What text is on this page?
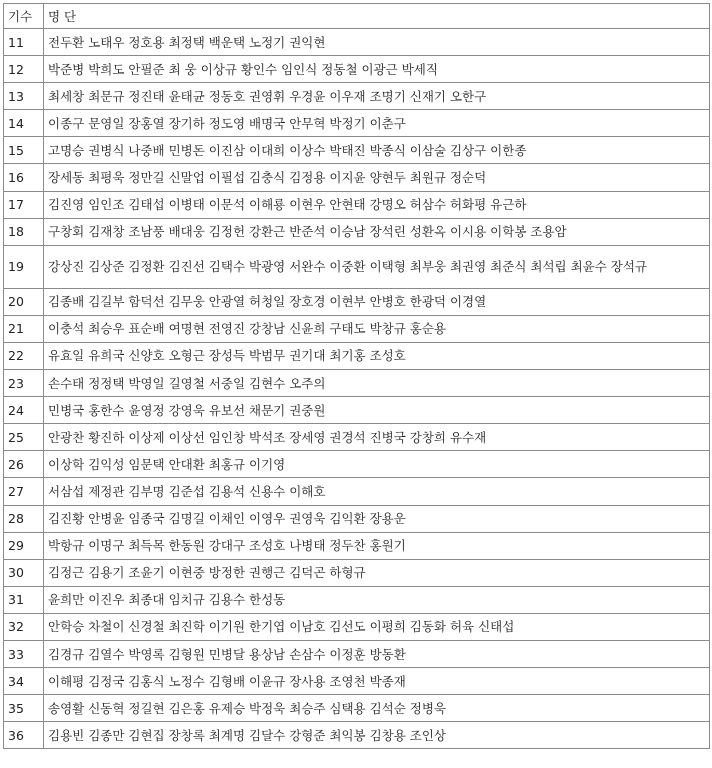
기수	명 단
11	전두환 노태우 정호용 최정택 백운택 노정기 권익현
12	박준병 박희도 안필준 최 웅 이상규 황인수 임인식 정동철 이광근 박세직
13	최세창 최문규 정진태 윤태균 정동호 권영휘 우경윤 이우재 조명기 신재기 오한구
14	이종구 문영일 장홍열 장기하 정도영 배명국 안무혁 박정기 이춘구
15	고명승 권병식 나중배 민병돈 이진삼 이대희 이상수 박태진 박종식 이삼술 김상구 이한종
16	장세동 최평욱 정만길 신말업 이필섭 김충식 김정용 이지윤 양현두 최원규 정순덕
17	김진영 임인조 김태섭 이병태 이문석 이해룡 이현우 안현태 강명오 허삼수 허화평 유근하
18	구창회 김재창 조남풍 배대웅 김정헌 강환근 반준석 이승남 장석린 성환옥 이시용 이학봉 조용암
19	강상진 김상준 김정환 김진선 김택수 박광영 서완수 이중환 이택형 최부웅 최권영 최준식 최석립 최윤수 장석규
20	김종배 김길부 함덕선 김무웅 안광열 허청일 장호경 이현부 안병호 한광덕 이경열
21	이충석 최승우 표순배 여명현 전영진 강창남 신윤희 구태도 박창규 홍순용
22	유효일 유희국 신양호 오형근 장성득 박범무 권기대 최기홍 조성호
23	손수태 정정택 박영일 길영철 서중일 김현수 오주의
24	민병국 홍한수 윤영정 강영욱 유보선 채문기 권중원
25	안광찬 황진하 이상제 이상선 임인창 박석조 장세영 권경석 진병국 강창희 유수재
26	이상학 김익성 임문택 안대환 최홍규 이기영
27	서삼섭 제정관 김부명 김준섭 김용석 신용수 이해호
28	김진황 안병윤 임종국 김명길 이채인 이영우 권영욱 김익환 장용운
29	박항규 이명구 최득목 한동원 강대구 조성호 나병태 정두찬 홍원기
30	김정근 김용기 조윤기 이현중 방정한 권행근 김덕곤 하형규
31	윤희만 이진우 최종대 임치규 김용수 한성동
32	안학승 차철이 신경철 최진학 이기원 한기엽 이남호 김선도 이평희 김동화 허육 신태섭
33	김경규 김열수 박영록 김형원 민병달 용상남 손삼수 이정훈 방동환
34	이해평 김정국 김홍식 노정수 김형배 이윤규 장사용 조영천 박종재
35	송영활 신동혁 정길현 김은홍 유제승 박정욱 최승주 심택용 김석순 정병욱
36	김용빈 김종만 김현집 장창록 최계명 김달수 강형준 최익봉 김창용 조인상
